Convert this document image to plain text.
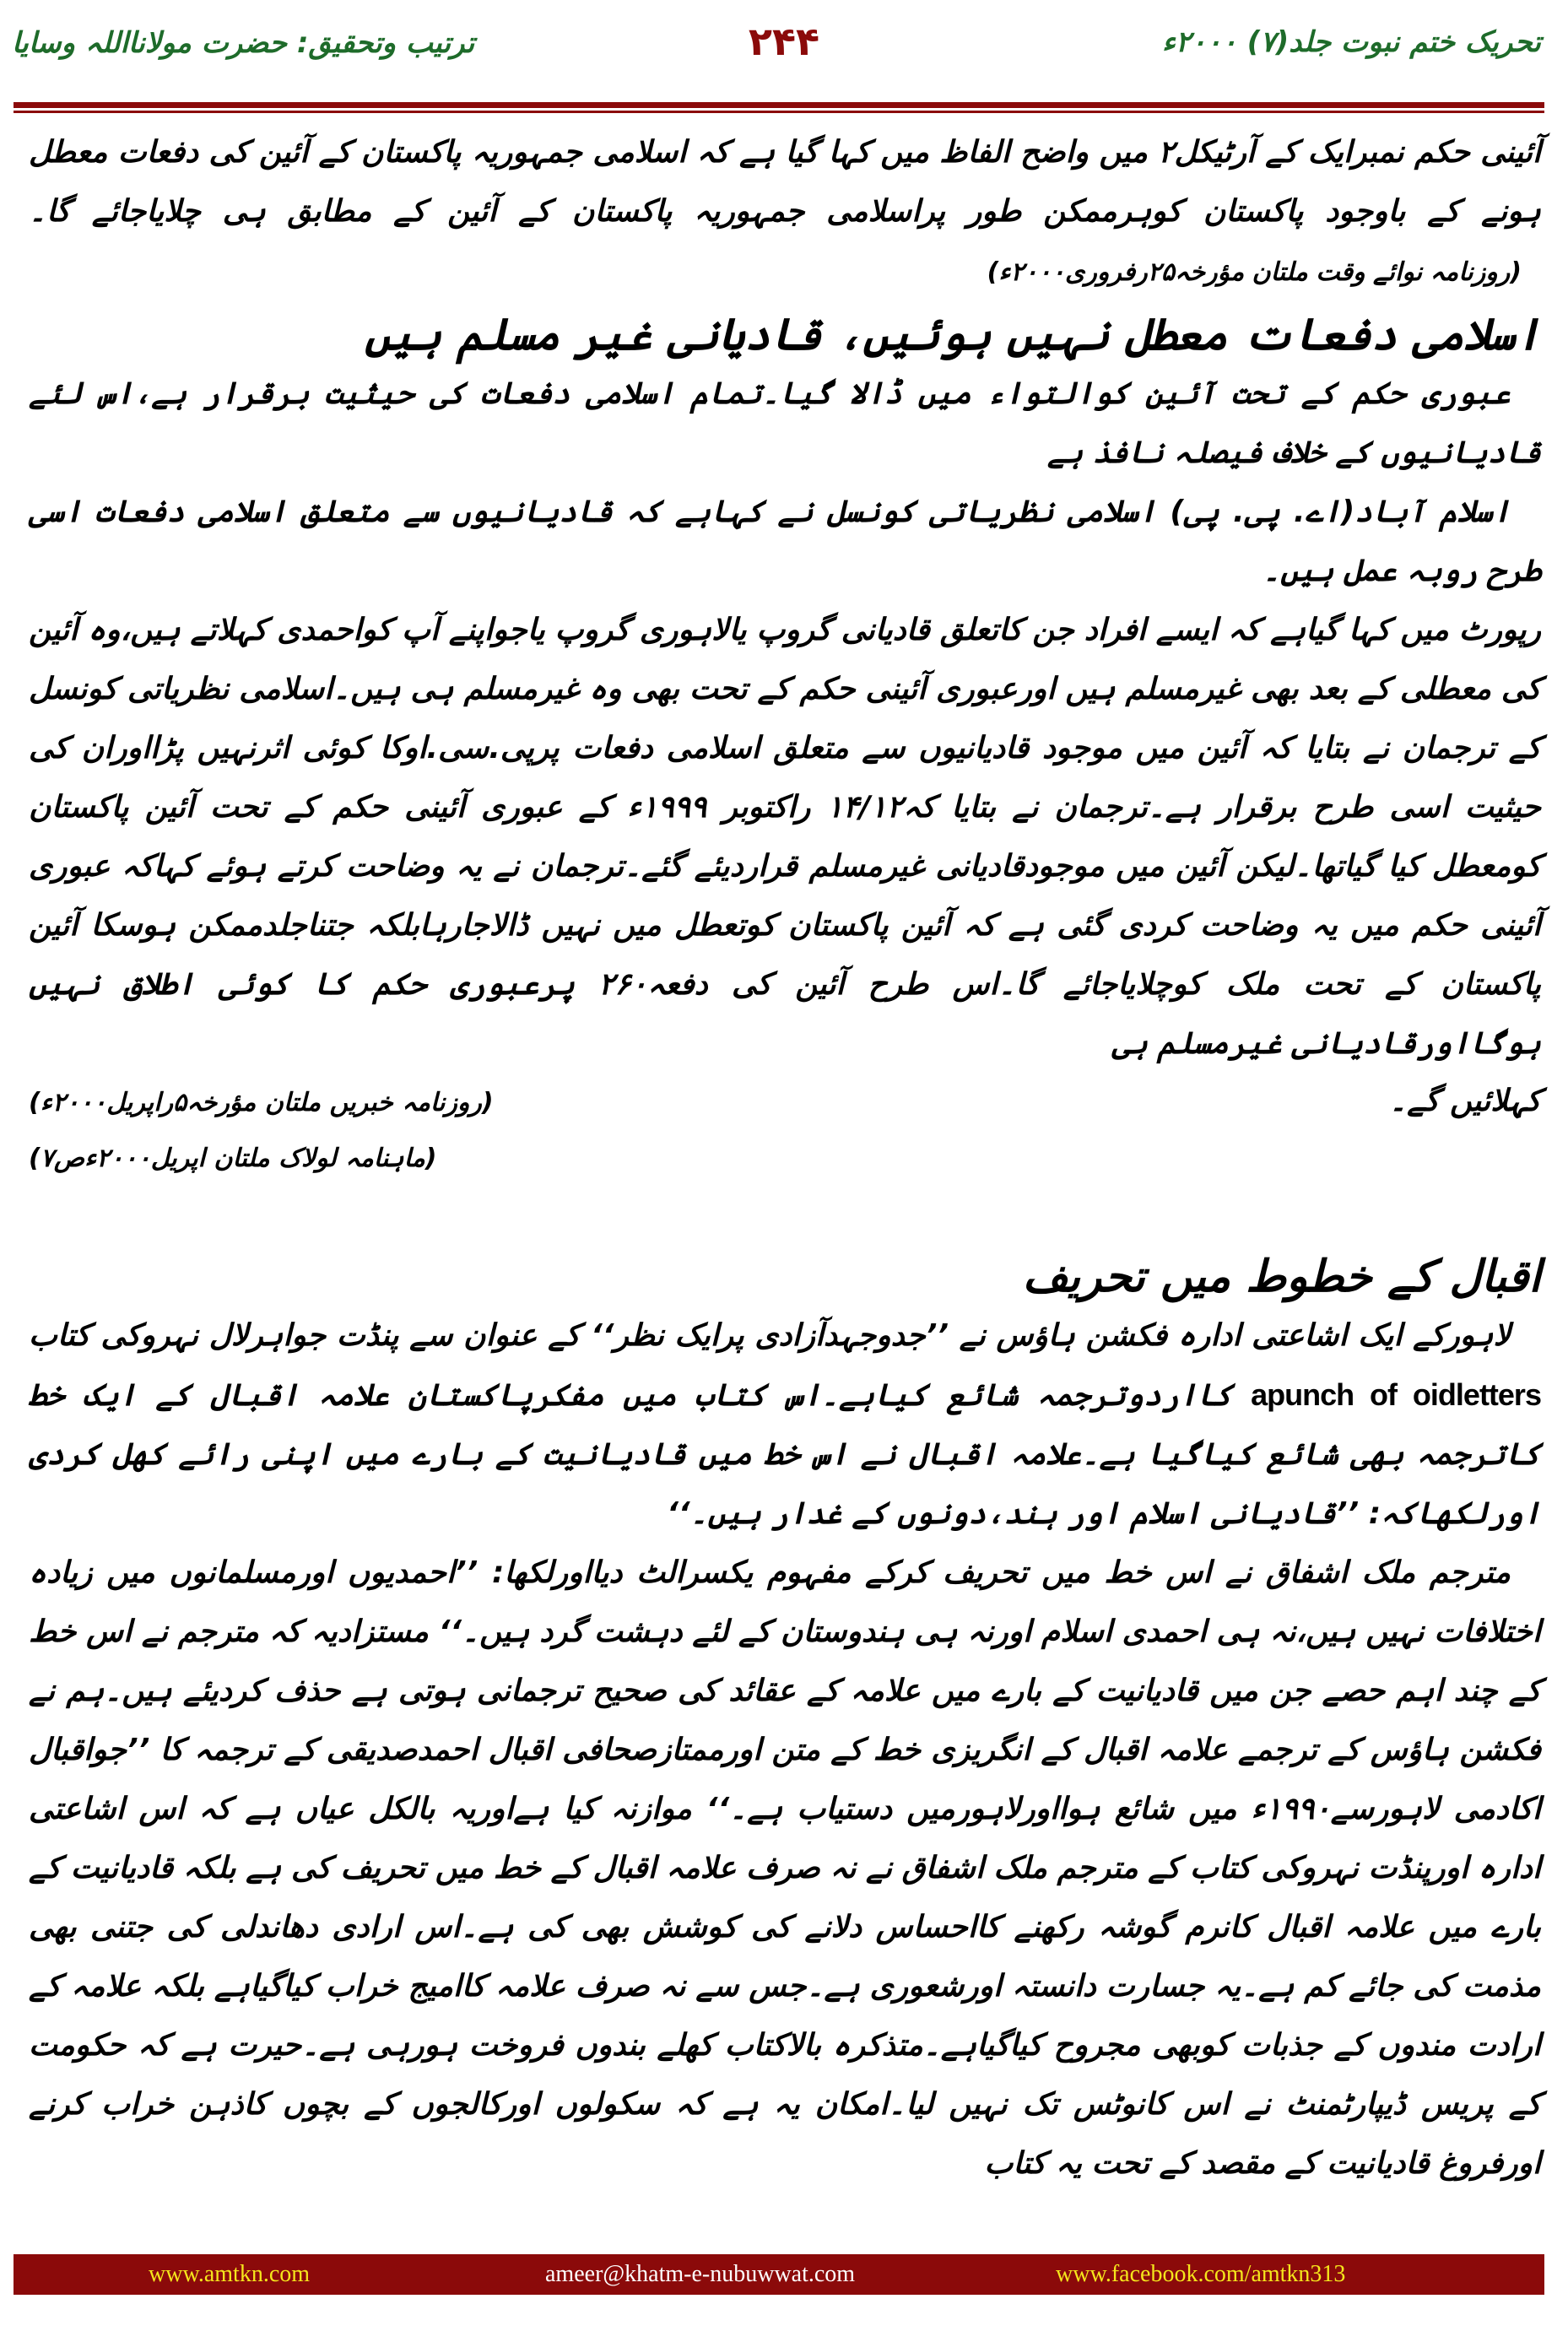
تحریک ختم نبوت جلد(۷) ۲۰۰۰ء
۲۴۴
ترتیب وتحقیق: حضرت مولانااللہ وسایا

آئینی حکم نمبرایک کے آرٹیکل۲ میں واضح الفاظ میں کہا گیا ہے کہ اسلامی جمہوریہ پاکستان کے آئین کی دفعات معطل ہونے کے باوجود پاکستان کوہرممکن طور پراسلامی جمہوریہ پاکستان کے آئین کے مطابق ہی چلایاجائے گا۔   (روزنامہ نوائے وقت ملتان مؤرخہ۲۵رفروری۲۰۰۰ء)

اسلامی دفعات معطل نہیں ہوئیں، قادیانی غیر مسلم ہیں

عبوری حکم کے تحت آئین کوالتواء میں ڈالا گیا۔تمام اسلامی دفعات کی حیثیت برقرار ہے،اس لئے قادیانیوں کے خلاف فیصلہ نافذ ہے

اسلام آباد(اے. پی. پی) اسلامی نظریاتی کونسل نے کہاہے کہ قادیانیوں سے متعلق اسلامی دفعات اسی طرح روبہ عمل ہیں۔

رپورٹ میں کہا گیاہے کہ ایسے افراد جن کاتعلق قادیانی گروپ یالاہوری گروپ یاجواپنے آپ کواحمدی کہلاتے ہیں،وہ آئین کی معطلی کے بعد بھی غیرمسلم ہیں اورعبوری آئینی حکم کے تحت بھی وہ غیرمسلم ہی ہیں۔اسلامی نظریاتی کونسل کے ترجمان نے بتایا کہ آئین میں موجود قادیانیوں سے متعلق اسلامی دفعات پرپی.سی.اوکا کوئی اثرنہیں پڑااوران کی حیثیت اسی طرح برقرار ہے۔ترجمان نے بتایا کہ۱۴/۱۲ راکتوبر ۱۹۹۹ء کے عبوری آئینی حکم کے تحت آئین پاکستان کومعطل کیا گیاتھا۔لیکن آئین میں موجودقادیانی غیرمسلم قراردیئے گئے۔ترجمان نے یہ وضاحت کرتے ہوئے کہاکہ عبوری آئینی حکم میں یہ وضاحت کردی گئی ہے کہ آئین پاکستان کوتعطل میں نہیں ڈالاجارہابلکہ جتناجلدممکن ہوسکا آئین پاکستان کے تحت ملک کوچلایاجائے گا۔اس طرح آئین کی دفعہ۲۶۰ پرعبوری حکم کا کوئی اطلاق نہیں ہوگااورقادیانی غیرمسلم ہی

کہلائیں گے۔
(روزنامہ خبریں ملتان مؤرخہ۵راپریل۲۰۰۰ء)
(ماہنامہ لولاک ملتان اپریل۲۰۰۰ءص۷)
اقبال کے خطوط میں تحریف

لاہورکے ایک اشاعتی ادارہ فکشن ہاؤس نے ’’جدوجہدآزادی پرایک نظر‘‘ کے عنوان سے پنڈت جواہرلال نہروکی کتاب apunch of oidletters کااردوترجمہ شائع کیاہے۔اس کتاب میں مفکرپاکستان علامہ اقبال کے ایک خط کاترجمہ بھی شائع کیاگیا ہے۔علامہ اقبال نے اس خط میں قادیانیت کے بارے میں اپنی رائے کھل کردی اورلکھاکہ: ’’قادیانی اسلام اور ہند،دونوں کے غدار ہیں۔‘‘

مترجم ملک اشفاق نے اس خط میں تحریف کرکے مفہوم یکسرالٹ دیااورلکھا: ’’احمدیوں اورمسلمانوں میں زیادہ اختلافات نہیں ہیں،نہ ہی احمدی اسلام اورنہ ہی ہندوستان کے لئے دہشت گرد ہیں۔‘‘ مستزادیہ کہ مترجم نے اس خط کے چند اہم حصے جن میں قادیانیت کے بارے میں علامہ کے عقائد کی صحیح ترجمانی ہوتی ہے حذف کردیئے ہیں۔ہم نے فکشن ہاؤس کے ترجمے علامہ اقبال کے انگریزی خط کے متن اورممتازصحافی اقبال احمدصدیقی کے ترجمہ کا ’’جواقبال اکادمی لاہورسے۱۹۹۰ء میں شائع ہوااورلاہورمیں دستیاب ہے۔‘‘ موازنہ کیا ہےاوریہ بالکل عیاں ہے کہ اس اشاعتی ادارہ اورپنڈت نہروکی کتاب کے مترجم ملک اشفاق نے نہ صرف علامہ اقبال کے خط میں تحریف کی ہے بلکہ قادیانیت کے بارے میں علامہ اقبال کانرم گوشہ رکھنے کااحساس دلانے کی کوشش بھی کی ہے۔اس ارادی دھاندلی کی جتنی بھی مذمت کی جائے کم ہے۔یہ جسارت دانستہ اورشعوری ہے۔جس سے نہ صرف علامہ کاامیج خراب کیاگیاہے بلکہ علامہ کے ارادت مندوں کے جذبات کوبھی مجروح کیاگیاہے۔متذکرہ بالاکتاب کھلے بندوں فروخت ہورہی ہے۔حیرت ہے کہ حکومت کے پریس ڈیپارٹمنٹ نے اس کانوٹس تک نہیں لیا۔امکان یہ ہے کہ سکولوں اورکالجوں کے بچوں کاذہن خراب کرنے اورفروغ قادیانیت کے مقصد کے تحت یہ کتاب

www.amtkn.com	ameer@khatm-e-nubuwwat.com	www.facebook.com/amtkn313
